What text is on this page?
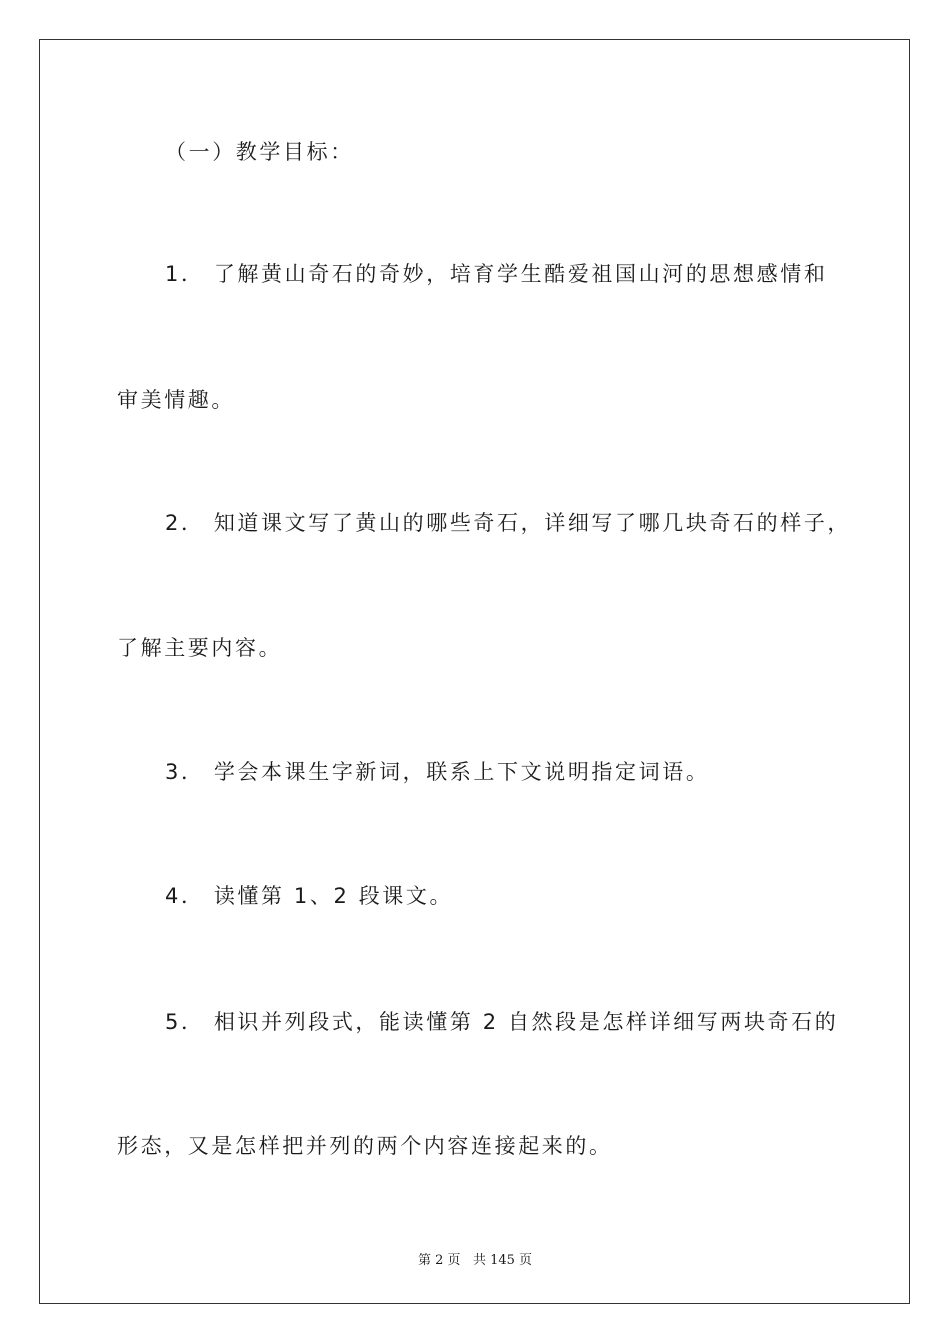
（一）教学目标：
1． 了解黄山奇石的奇妙，培育学生酷爱祖国山河的思想感情和
审美情趣。
2． 知道课文写了黄山的哪些奇石，详细写了哪几块奇石的样子，
了解主要内容。
3． 学会本课生字新词，联系上下文说明指定词语。
4． 读懂第 1、2 段课文。
5． 相识并列段式，能读懂第 2 自然段是怎样详细写两块奇石的
形态，又是怎样把并列的两个内容连接起来的。
第 2 页 共 145 页
